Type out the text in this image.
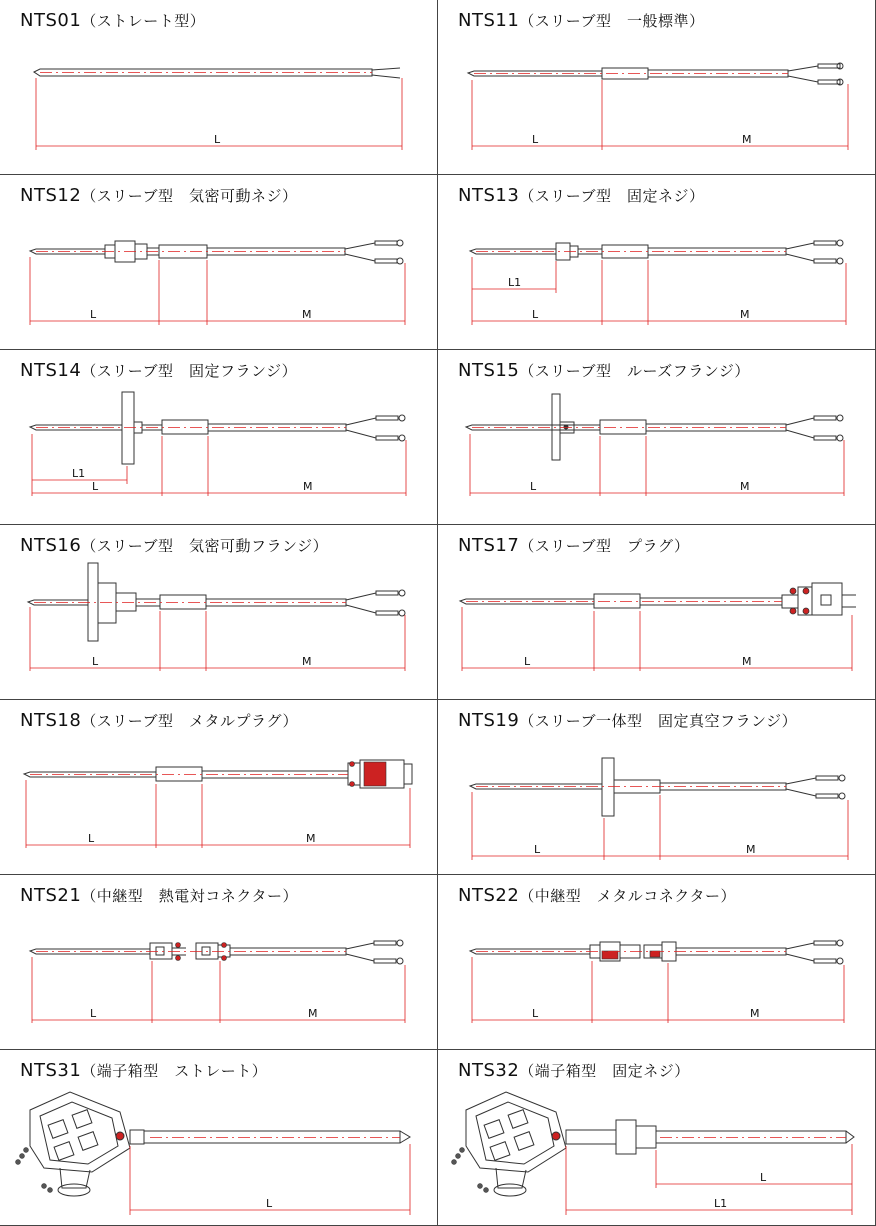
NTS01（ストレート型）
L
NTS11（スリーブ型　一般標準）
L	M
NTS12（スリーブ型　気密可動ネジ）
L	M
NTS13（スリーブ型　固定ネジ）
L1
L	M
NTS14（スリーブ型　固定フランジ）
L1
L	M
NTS15（スリーブ型　ルーズフランジ）
L	M
NTS16（スリーブ型　気密可動フランジ）
L	M
NTS17（スリーブ型　プラグ）
L	M
NTS18（スリーブ型　メタルプラグ）
L	M
NTS19（スリーブ一体型　固定真空フランジ）
L	M
NTS21（中継型　熱電対コネクター）
L	M
NTS22（中継型　メタルコネクター）
L	M
NTS31（端子箱型　ストレート）
L
NTS32（端子箱型　固定ネジ）
L
L1
